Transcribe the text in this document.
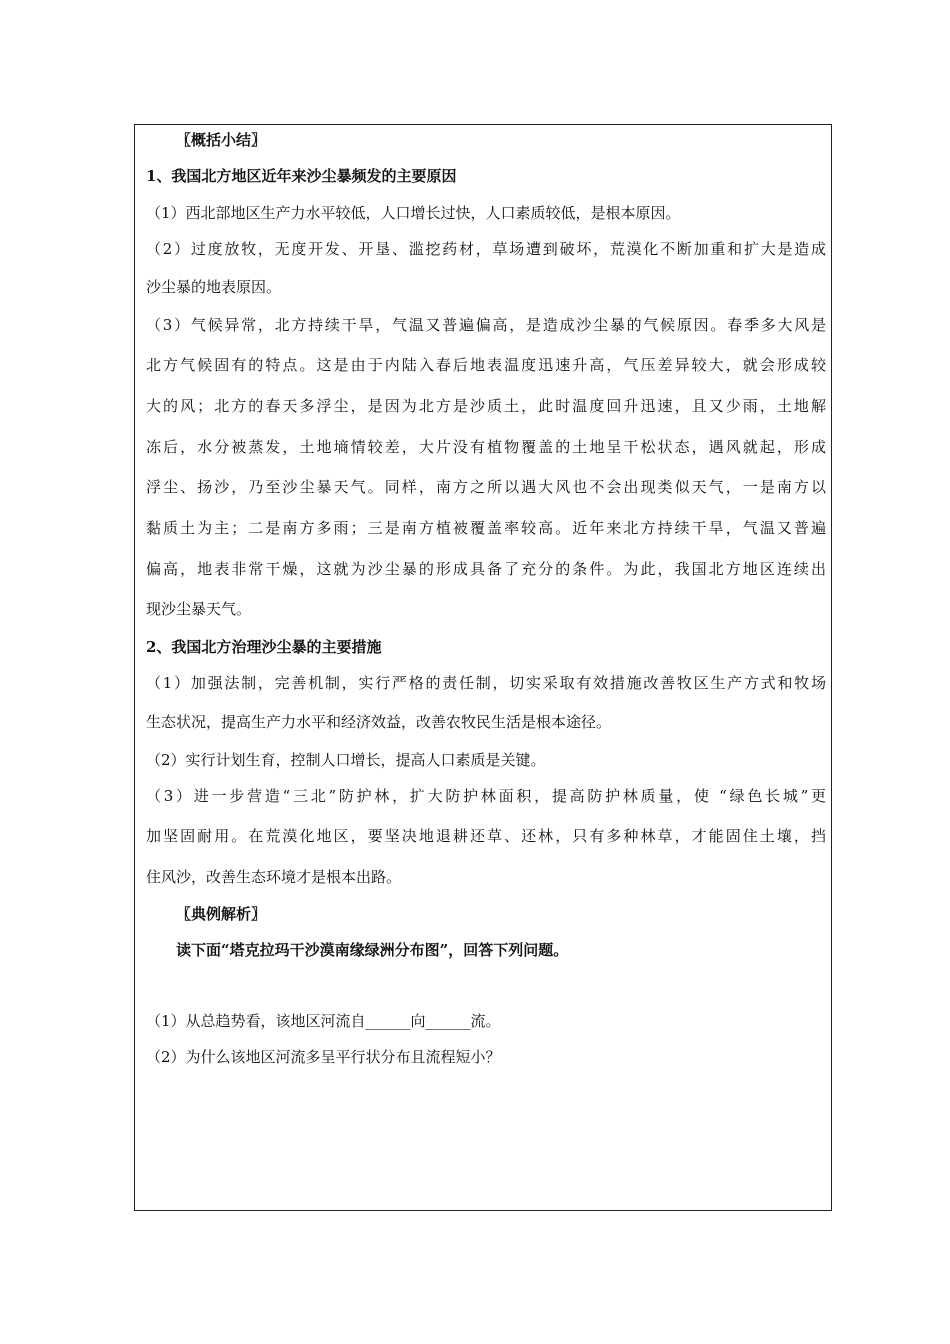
〖概括小结〗
1、我国北方地区近年来沙尘暴频发的主要原因
（1）西北部地区生产力水平较低，人口增长过快，人口素质较低，是根本原因。
（2）过度放牧，无度开发、开垦、滥挖药材，草场遭到破坏，荒漠化不断加重和扩大是造成
沙尘暴的地表原因。
（3）气候异常，北方持续干旱，气温又普遍偏高，是造成沙尘暴的气候原因。春季多大风是
北方气候固有的特点。这是由于内陆入春后地表温度迅速升高，气压差异较大，就会形成较
大的风；北方的春天多浮尘，是因为北方是沙质土，此时温度回升迅速，且又少雨，土地解
冻后，水分被蒸发，土地墒情较差，大片没有植物覆盖的土地呈干松状态，遇风就起，形成
浮尘、扬沙，乃至沙尘暴天气。同样，南方之所以遇大风也不会出现类似天气，一是南方以
黏质土为主；二是南方多雨；三是南方植被覆盖率较高。近年来北方持续干旱，气温又普遍
偏高，地表非常干燥，这就为沙尘暴的形成具备了充分的条件。为此，我国北方地区连续出
现沙尘暴天气。
2、我国北方治理沙尘暴的主要措施
（1）加强法制，完善机制，实行严格的责任制，切实采取有效措施改善牧区生产方式和牧场
生态状况，提高生产力水平和经济效益，改善农牧民生活是根本途径。
（2）实行计划生育，控制人口增长，提高人口素质是关键。
（3）进一步营造“三北”防护林，扩大防护林面积，提高防护林质量，使 “绿色长城”更
加坚固耐用。在荒漠化地区，要坚决地退耕还草、还林，只有多种林草，才能固住土壤，挡
住风沙，改善生态环境才是根本出路。
〖典例解析〗
读下面“塔克拉玛干沙漠南缘绿洲分布图”，回答下列问题。
（1）从总趋势看，该地区河流自______向______流。
（2）为什么该地区河流多呈平行状分布且流程短小？
